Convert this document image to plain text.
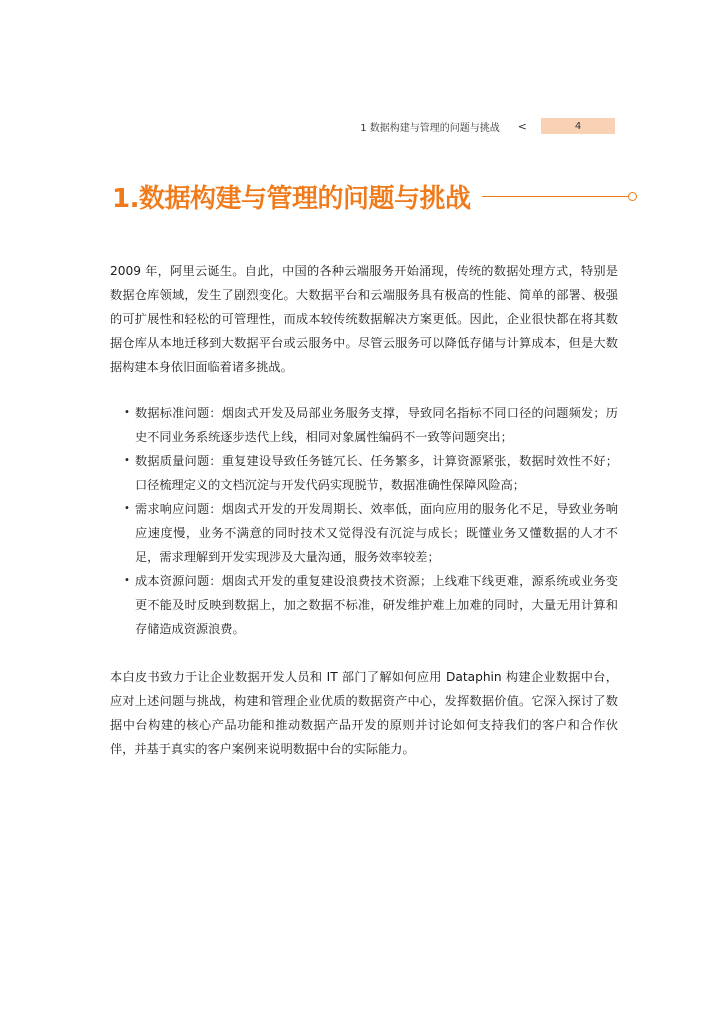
1 数据构建与管理的问题与挑战 <	4
1.数据构建与管理的问题与挑战

2009 年，阿里云诞生。自此，中国的各种云端服务开始涌现，传统的数据处理方式，特别是数据仓库领域，发生了剧烈变化。大数据平台和云端服务具有极高的性能、简单的部署、极强的可扩展性和轻松的可管理性，而成本较传统数据解决方案更低。因此，企业很快都在将其数据仓库从本地迁移到大数据平台或云服务中。尽管云服务可以降低存储与计算成本，但是大数据构建本身依旧面临着诸多挑战。

• 数据标准问题：烟囱式开发及局部业务服务支撑，导致同名指标不同口径的问题频发；历史不同业务系统逐步迭代上线，相同对象属性编码不一致等问题突出；
• 数据质量问题：重复建设导致任务链冗长、任务繁多，计算资源紧张，数据时效性不好；口径梳理定义的文档沉淀与开发代码实现脱节，数据准确性保障风险高；
• 需求响应问题：烟囱式开发的开发周期长、效率低，面向应用的服务化不足，导致业务响应速度慢，业务不满意的同时技术又觉得没有沉淀与成长；既懂业务又懂数据的人才不足，需求理解到开发实现涉及大量沟通，服务效率较差；
• 成本资源问题：烟囱式开发的重复建设浪费技术资源；上线难下线更难，源系统或业务变更不能及时反映到数据上，加之数据不标准，研发维护难上加难的同时，大量无用计算和存储造成资源浪费。

本白皮书致力于让企业数据开发人员和 IT 部门了解如何应用 Dataphin 构建企业数据中台，应对上述问题与挑战，构建和管理企业优质的数据资产中心，发挥数据价值。它深入探讨了数据中台构建的核心产品功能和推动数据产品开发的原则并讨论如何支持我们的客户和合作伙伴，并基于真实的客户案例来说明数据中台的实际能力。
